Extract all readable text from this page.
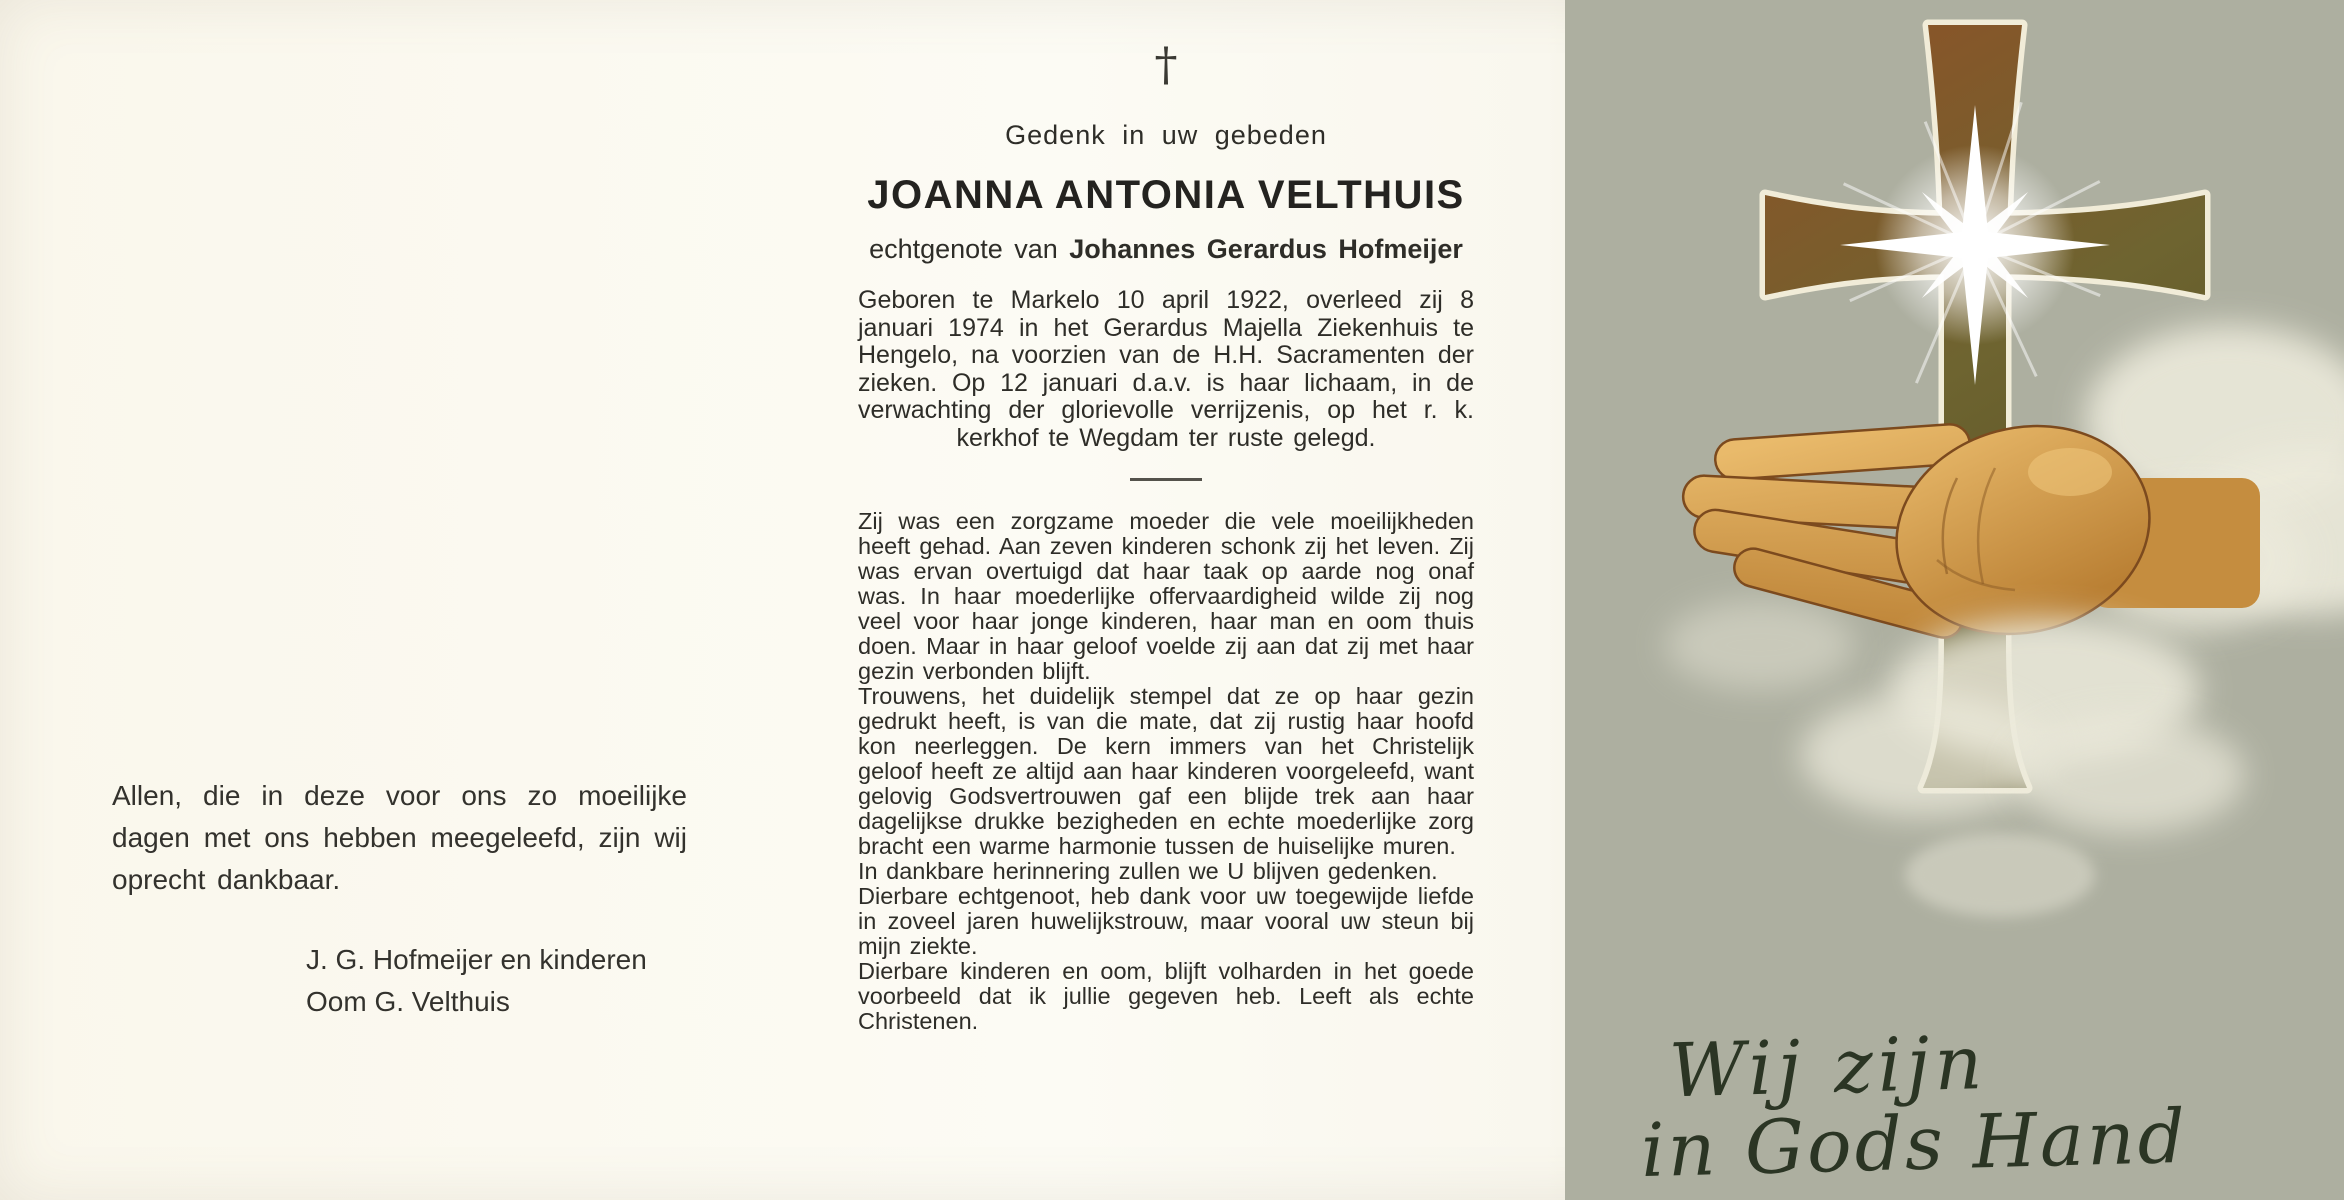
Allen, die in deze voor ons zo moeilijke dagen met ons hebben meegeleefd, zijn wij oprecht dankbaar.

J. G. Hofmeijer en kinderen
Oom G. Velthuis
†
Gedenk in uw gebeden
JOANNA ANTONIA VELTHUIS
echtgenote van Johannes Gerardus Hofmeijer

Geboren te Markelo 10 april 1922, overleed zij 8 januari 1974 in het Gerardus Majella Ziekenhuis te Hengelo, na voorzien van de H.H. Sacramenten der zieken. Op 12 januari d.a.v. is haar lichaam, in de verwachting der glorievolle verrijzenis, op het r. k. kerkhof te Wegdam ter ruste gelegd.

Zij was een zorgzame moeder die vele moeilijkheden heeft gehad. Aan zeven kinderen schonk zij het leven. Zij was ervan overtuigd dat haar taak op aarde nog onaf was. In haar moederlijke offervaardigheid wilde zij nog veel voor haar jonge kinderen, haar man en oom thuis doen. Maar in haar geloof voelde zij aan dat zij met haar gezin verbonden blijft.

Trouwens, het duidelijk stempel dat ze op haar gezin gedrukt heeft, is van die mate, dat zij rustig haar hoofd kon neerleggen. De kern immers van het Christelijk geloof heeft ze altijd aan haar kinderen voorgeleefd, want gelovig Godsvertrouwen gaf een blijde trek aan haar dagelijkse drukke bezigheden en echte moederlijke zorg bracht een warme harmonie tussen de huiselijke muren.

In dankbare herinnering zullen we U blijven gedenken.

Dierbare echtgenoot, heb dank voor uw toegewijde liefde in zoveel jaren huwelijkstrouw, maar vooral uw steun bij mijn ziekte.

Dierbare kinderen en oom, blijft volharden in het goede voorbeeld dat ik jullie gegeven heb. Leeft als echte Christenen.	Wij zijn
in Gods Hand
